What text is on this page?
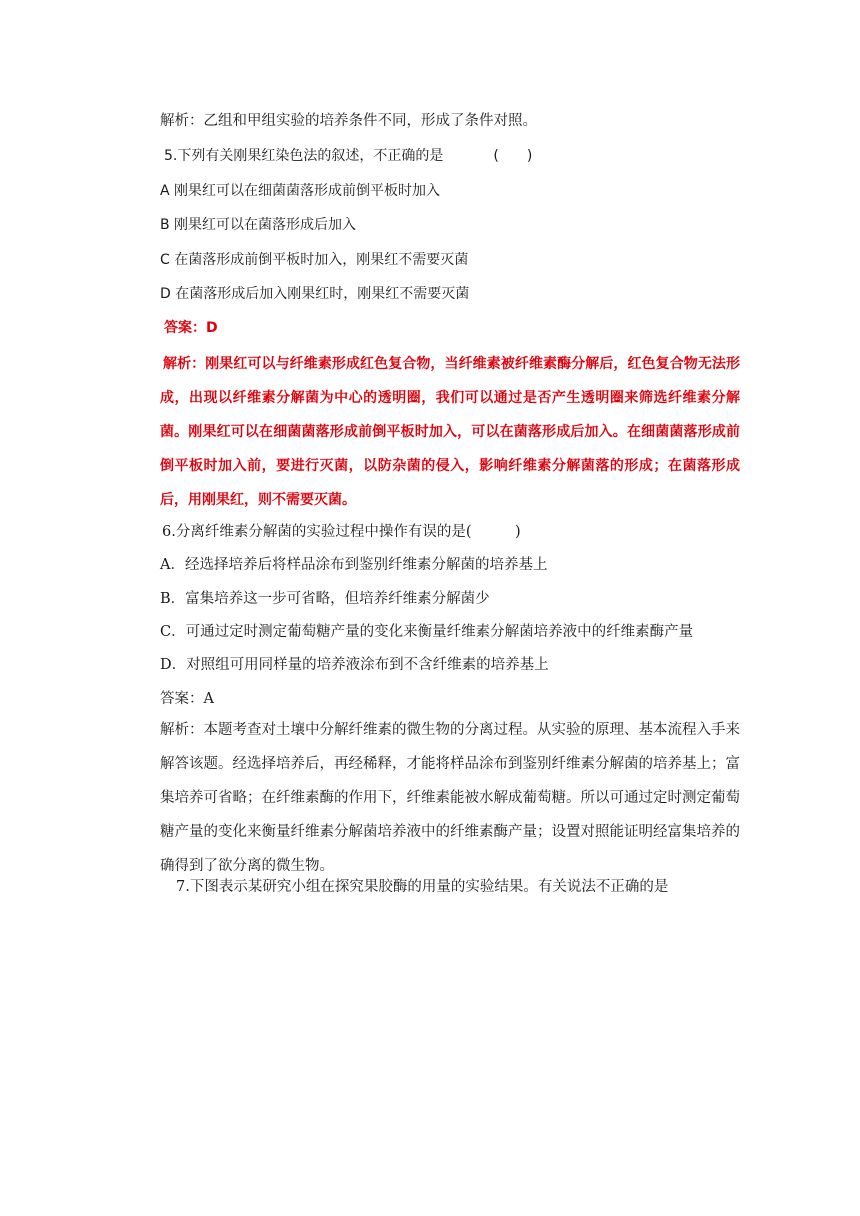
解析：乙组和甲组实验的培养条件不同，形成了条件对照。
5.下列有关刚果红染色法的叙述，不正确的是	(　　)
A 刚果红可以在细菌菌落形成前倒平板时加入
B 刚果红可以在菌落形成后加入
C 在菌落形成前倒平板时加入，刚果红不需要灭菌
D 在菌落形成后加入刚果红时，刚果红不需要灭菌
答案：D
解析：刚果红可以与纤维素形成红色复合物，当纤维素被纤维素酶分解后，红色复合物无法形成，出现以纤维素分解菌为中心的透明圈，我们可以通过是否产生透明圈来筛选纤维素分解菌。刚果红可以在细菌菌落形成前倒平板时加入，可以在菌落形成后加入。在细菌菌落形成前倒平板时加入前，要进行灭菌，以防杂菌的侵入，影响纤维素分解菌落的形成；在菌落形成后，用刚果红，则不需要灭菌。
6.分离纤维素分解菌的实验过程中操作有误的是(　　　)
A．经选择培养后将样品涂布到鉴别纤维素分解菌的培养基上
B．富集培养这一步可省略，但培养纤维素分解菌少
C．可通过定时测定葡萄糖产量的变化来衡量纤维素分解菌培养液中的纤维素酶产量
D．对照组可用同样量的培养液涂布到不含纤维素的培养基上
答案：A
解析：本题考查对土壤中分解纤维素的微生物的分离过程。从实验的原理、基本流程入手来解答该题。经选择培养后，再经稀释，才能将样品涂布到鉴别纤维素分解菌的培养基上；富集培养可省略；在纤维素酶的作用下，纤维素能被水解成葡萄糖。所以可通过定时测定葡萄糖产量的变化来衡量纤维素分解菌培养液中的纤维素酶产量；设置对照能证明经富集培养的确得到了欲分离的微生物。
7.下图表示某研究小组在探究果胶酶的用量的实验结果。有关说法不正确的是
